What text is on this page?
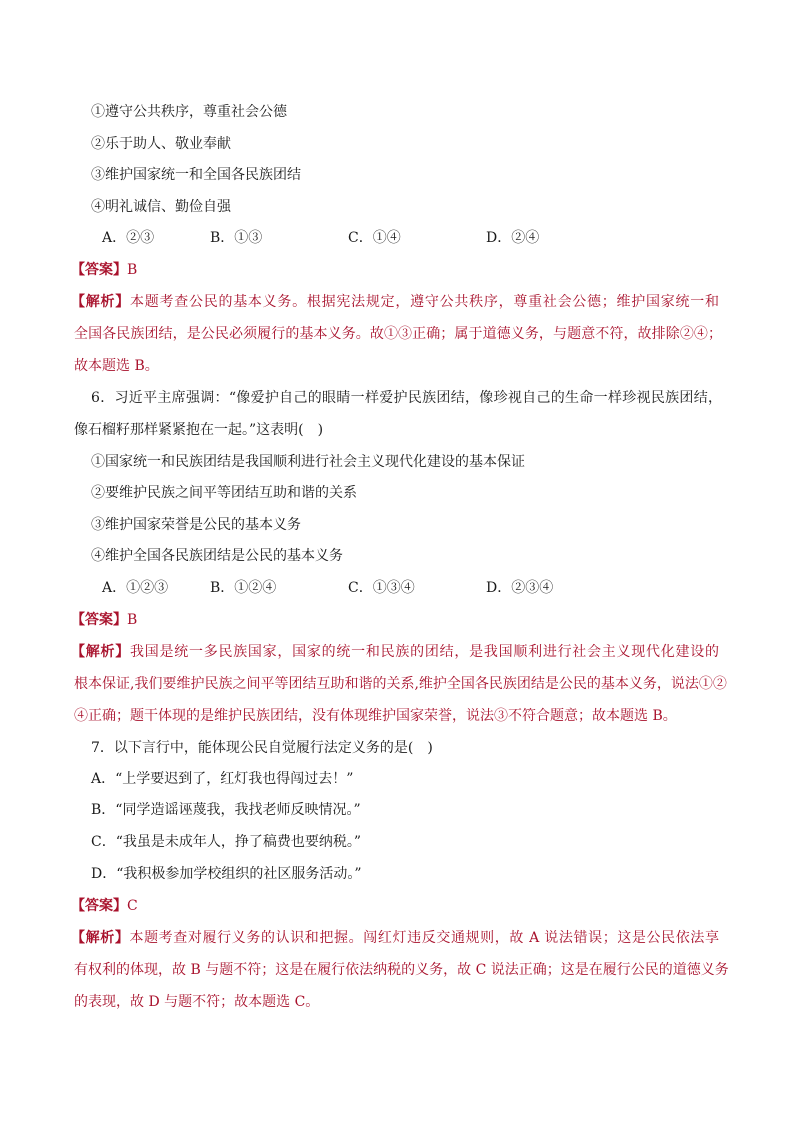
①遵守公共秩序，尊重社会公德
②乐于助人、敬业奉献
③维护国家统一和全国各民族团结
④明礼诚信、勤俭自强
A．②③	B．①③	C．①④	D．②④
【答案】B
【解析】本题考查公民的基本义务。根据宪法规定，遵守公共秩序，尊重社会公德；维护国家统一和
全国各民族团结，是公民必须履行的基本义务。故①③正确；属于道德义务，与题意不符，故排除②④；
故本题选 B。
6．习近平主席强调：“像爱护自己的眼睛一样爱护民族团结，像珍视自己的生命一样珍视民族团结，
像石榴籽那样紧紧抱在一起。”这表明(　)
①国家统一和民族团结是我国顺利进行社会主义现代化建设的基本保证
②要维护民族之间平等团结互助和谐的关系
③维护国家荣誉是公民的基本义务
④维护全国各民族团结是公民的基本义务
A．①②③	B．①②④	C．①③④	D．②③④
【答案】B
【解析】我国是统一多民族国家，国家的统一和民族的团结，是我国顺利进行社会主义现代化建设的
根本保证,我们要维护民族之间平等团结互助和谐的关系,维护全国各民族团结是公民的基本义务，说法①②
④正确；题干体现的是维护民族团结，没有体现维护国家荣誉，说法③不符合题意；故本题选 B。
7．以下言行中，能体现公民自觉履行法定义务的是(　)
A．“上学要迟到了，红灯我也得闯过去！”
B．“同学造谣诬蔑我，我找老师反映情况。”
C．“我虽是未成年人，挣了稿费也要纳税。”
D．“我积极参加学校组织的社区服务活动。”
【答案】C
【解析】本题考查对履行义务的认识和把握。闯红灯违反交通规则，故 A 说法错误；这是公民依法享
有权利的体现，故 B 与题不符；这是在履行依法纳税的义务，故 C 说法正确；这是在履行公民的道德义务
的表现，故 D 与题不符；故本题选 C。
